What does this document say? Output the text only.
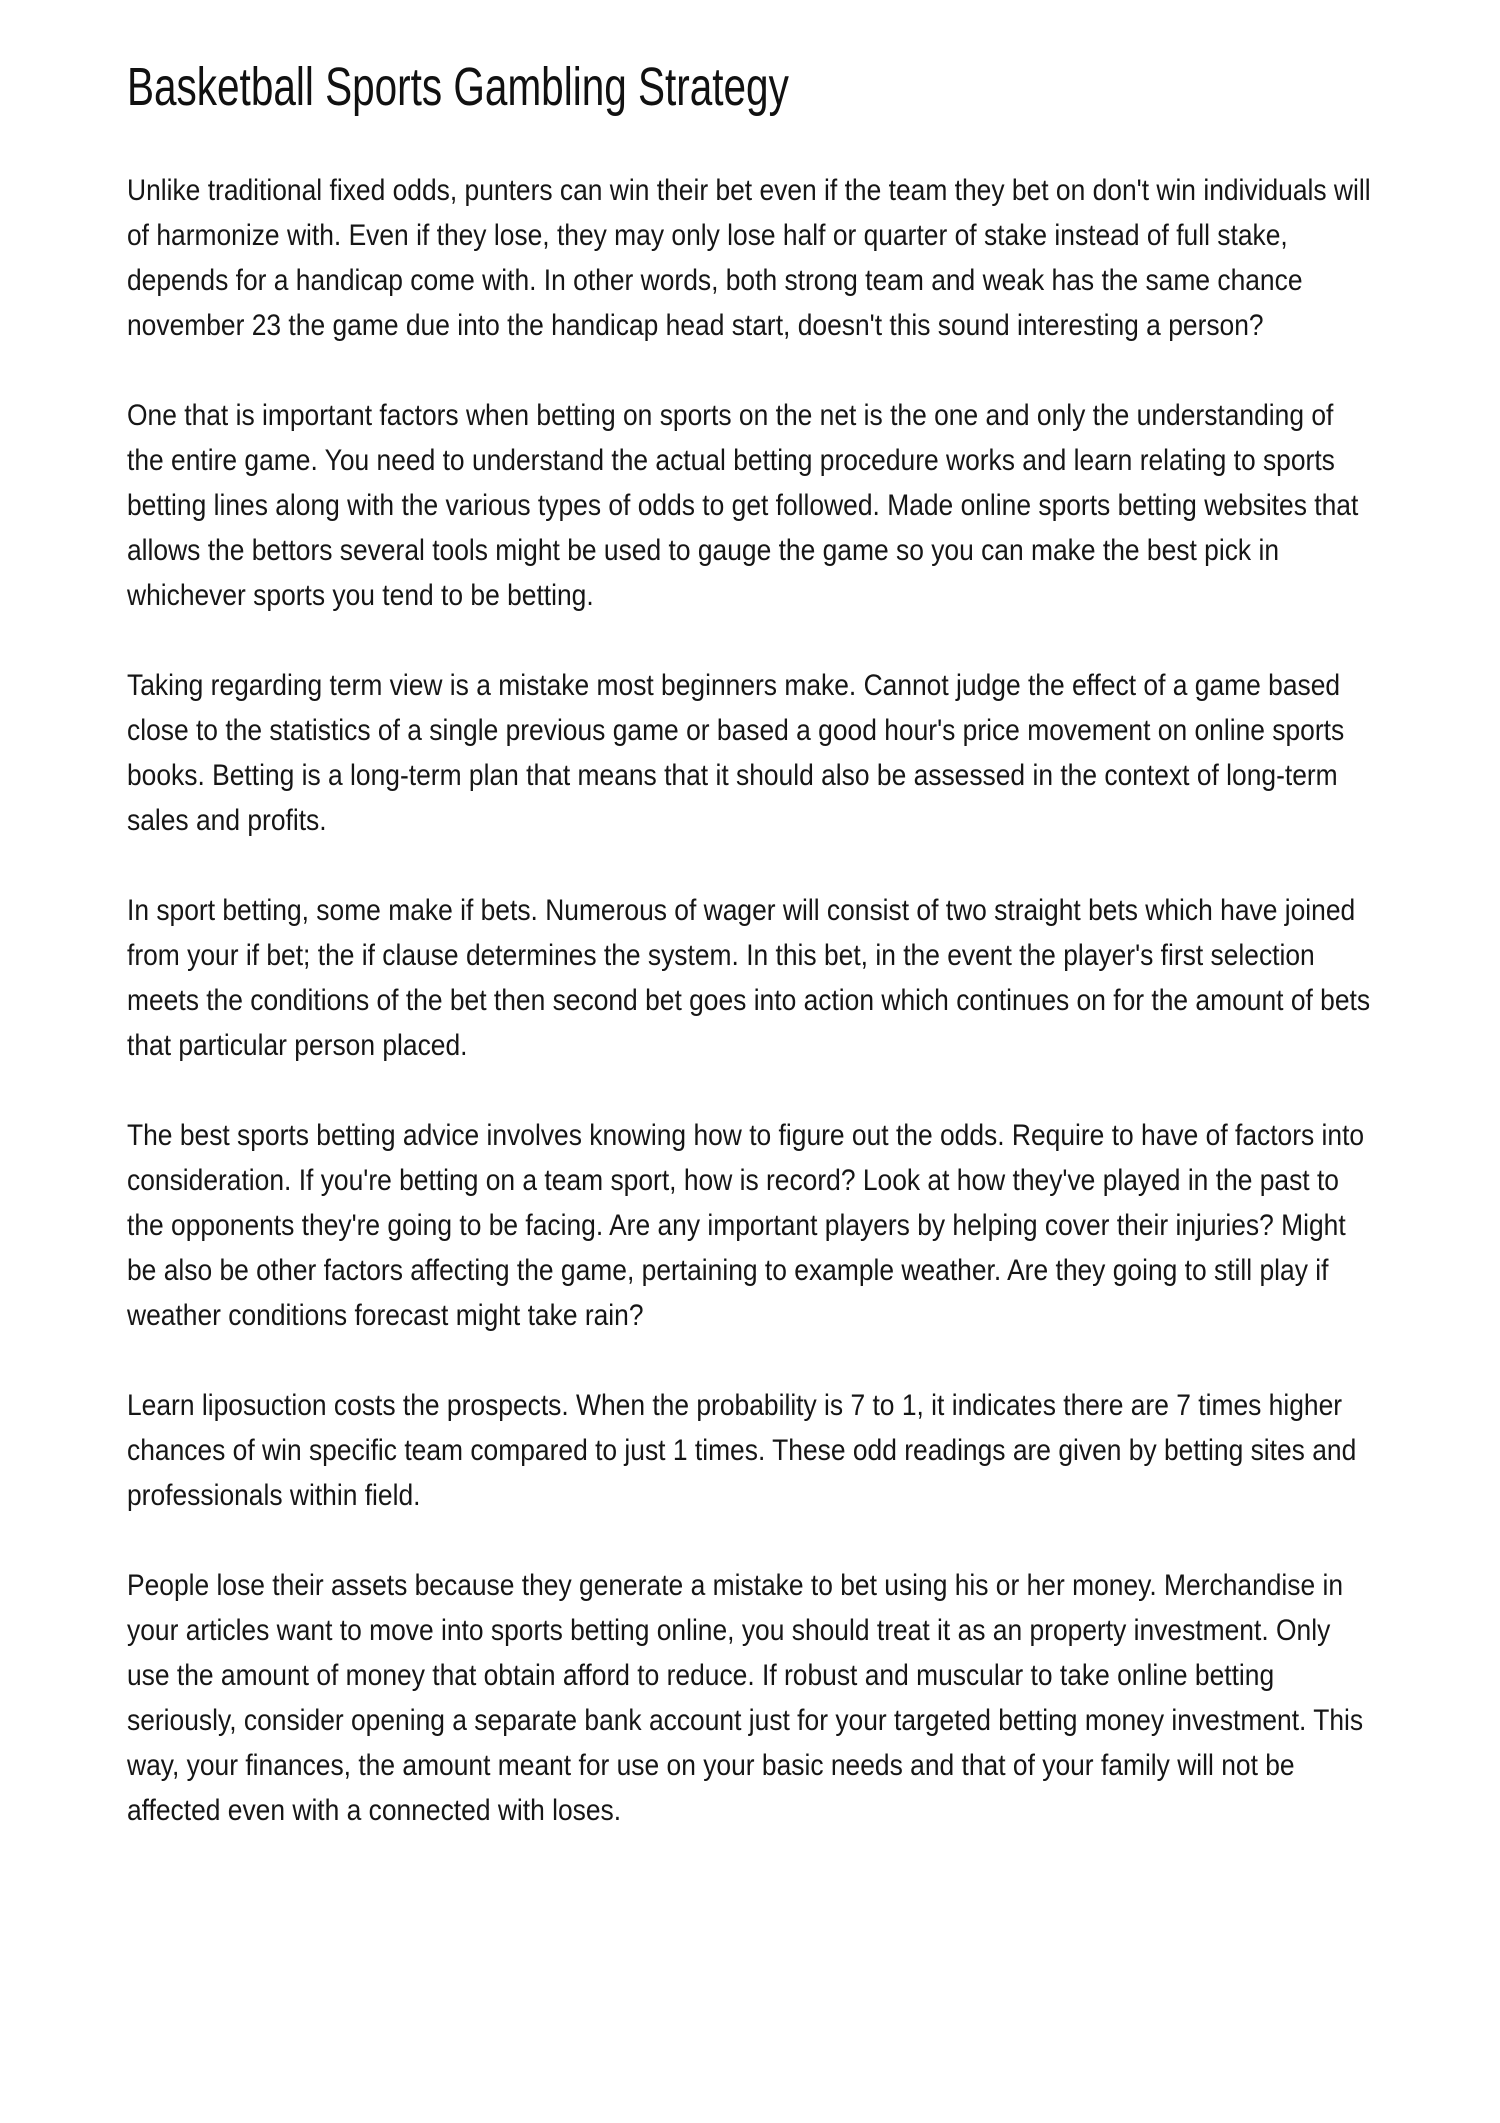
Basketball Sports Gambling Strategy

Unlike traditional fixed odds, punters can win their bet even if the team they bet on don't win individuals will of harmonize with. Even if they lose, they may only lose half or quarter of stake instead of full stake, depends for a handicap come with. In other words, both strong team and weak has the same chance november 23 the game due into the handicap head start, doesn't this sound interesting a person?

One that is important factors when betting on sports on the net is the one and only the understanding of the entire game. You need to understand the actual betting procedure works and learn relating to sports betting lines along with the various types of odds to get followed. Made online sports betting websites that allows the bettors several tools might be used to gauge the game so you can make the best pick in whichever sports you tend to be betting.

Taking regarding term view is a mistake most beginners make. Cannot judge the effect of a game based close to the statistics of a single previous game or based a good hour's price movement on online sports books. Betting is a long-term plan that means that it should also be assessed in the context of long-term sales and profits.

In sport betting, some make if bets. Numerous of wager will consist of two straight bets which have joined from your if bet; the if clause determines the system. In this bet, in the event the player's first selection meets the conditions of the bet then second bet goes into action which continues on for the amount of bets that particular person placed.

The best sports betting advice involves knowing how to figure out the odds. Require to have of factors into consideration. If you're betting on a team sport, how is record? Look at how they've played in the past to the opponents they're going to be facing. Are any important players by helping cover their injuries? Might be also be other factors affecting the game, pertaining to example weather. Are they going to still play if weather conditions forecast might take rain?

Learn liposuction costs the prospects. When the probability is 7 to 1, it indicates there are 7 times higher chances of win specific team compared to just 1 times. These odd readings are given by betting sites and professionals within field.

People lose their assets because they generate a mistake to bet using his or her money. Merchandise in your articles want to move into sports betting online, you should treat it as an property investment. Only use the amount of money that obtain afford to reduce. If robust and muscular to take online betting seriously, consider opening a separate bank account just for your targeted betting money investment. This way, your finances, the amount meant for use on your basic needs and that of your family will not be affected even with a connected with loses.
